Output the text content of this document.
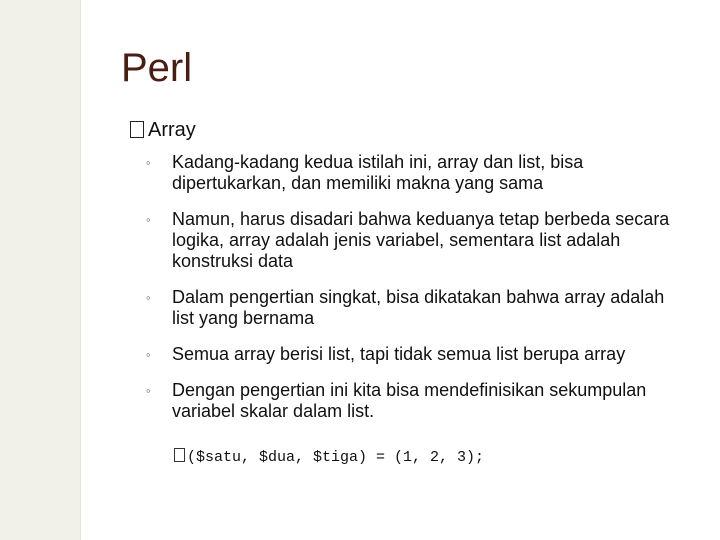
Perl
Array
◦ Kadang-kadang kedua istilah ini, array dan list, bisa dipertukarkan, dan memiliki makna yang sama
◦ Namun, harus disadari bahwa keduanya tetap berbeda secara logika, array adalah jenis variabel, sementara list adalah konstruksi data
◦ Dalam pengertian singkat, bisa dikatakan bahwa array adalah list yang bernama
◦ Semua array berisi list, tapi tidak semua list berupa array
◦ Dengan pengertian ini kita bisa mendefinisikan sekumpulan variabel skalar dalam list.
($satu, $dua, $tiga) = (1, 2, 3);
